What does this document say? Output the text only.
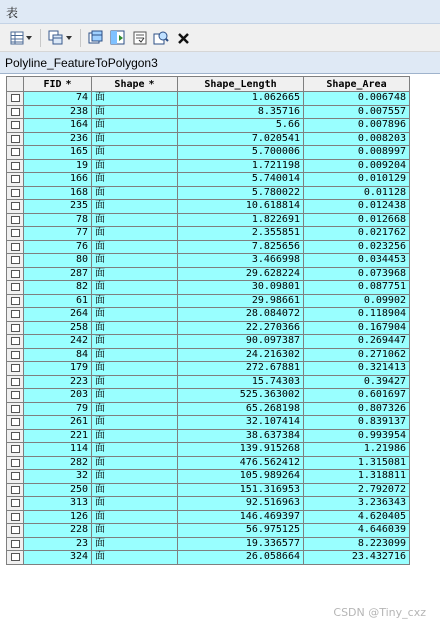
表
Polyline_FeatureToPolygon3
FID *	Shape *	Shape_Length	Shape_Area
74 面	1.062665	0.006748
238 面	8.35716	0.007557
164 面	5.66	0.007896
236 面	7.020541	0.008203
165 面	5.700006	0.008997
19 面	1.721198	0.009204
166 面	5.740014	0.010129
168 面	5.780022	0.01128
235 面	10.618814	0.012438
78 面	1.822691	0.012668
77 面	2.355851	0.021762
76 面	7.825656	0.023256
80 面	3.466998	0.034453
287 面	29.628224	0.073968
82 面	30.09801	0.087751
61 面	29.98661	0.09902
264 面	28.084072	0.118904
258 面	22.270366	0.167904
242 面	90.097387	0.269447
84 面	24.216302	0.271062
179 面	272.67881	0.321413
223 面	15.74303	0.39427
203 面	525.363002	0.601697
79 面	65.268198	0.807326
261 面	32.107414	0.839137
221 面	38.637384	0.993954
114 面	139.915268	1.21986
282 面	476.562412	1.315081
32 面	105.989264	1.318811
250 面	151.316953	2.792072
313 面	92.516963	3.236343
126 面	146.469397	4.620405
228 面	56.975125	4.646039
23 面	19.336577	8.223099
324 面	26.058664	23.432716
CSDN @Tiny_cxz
